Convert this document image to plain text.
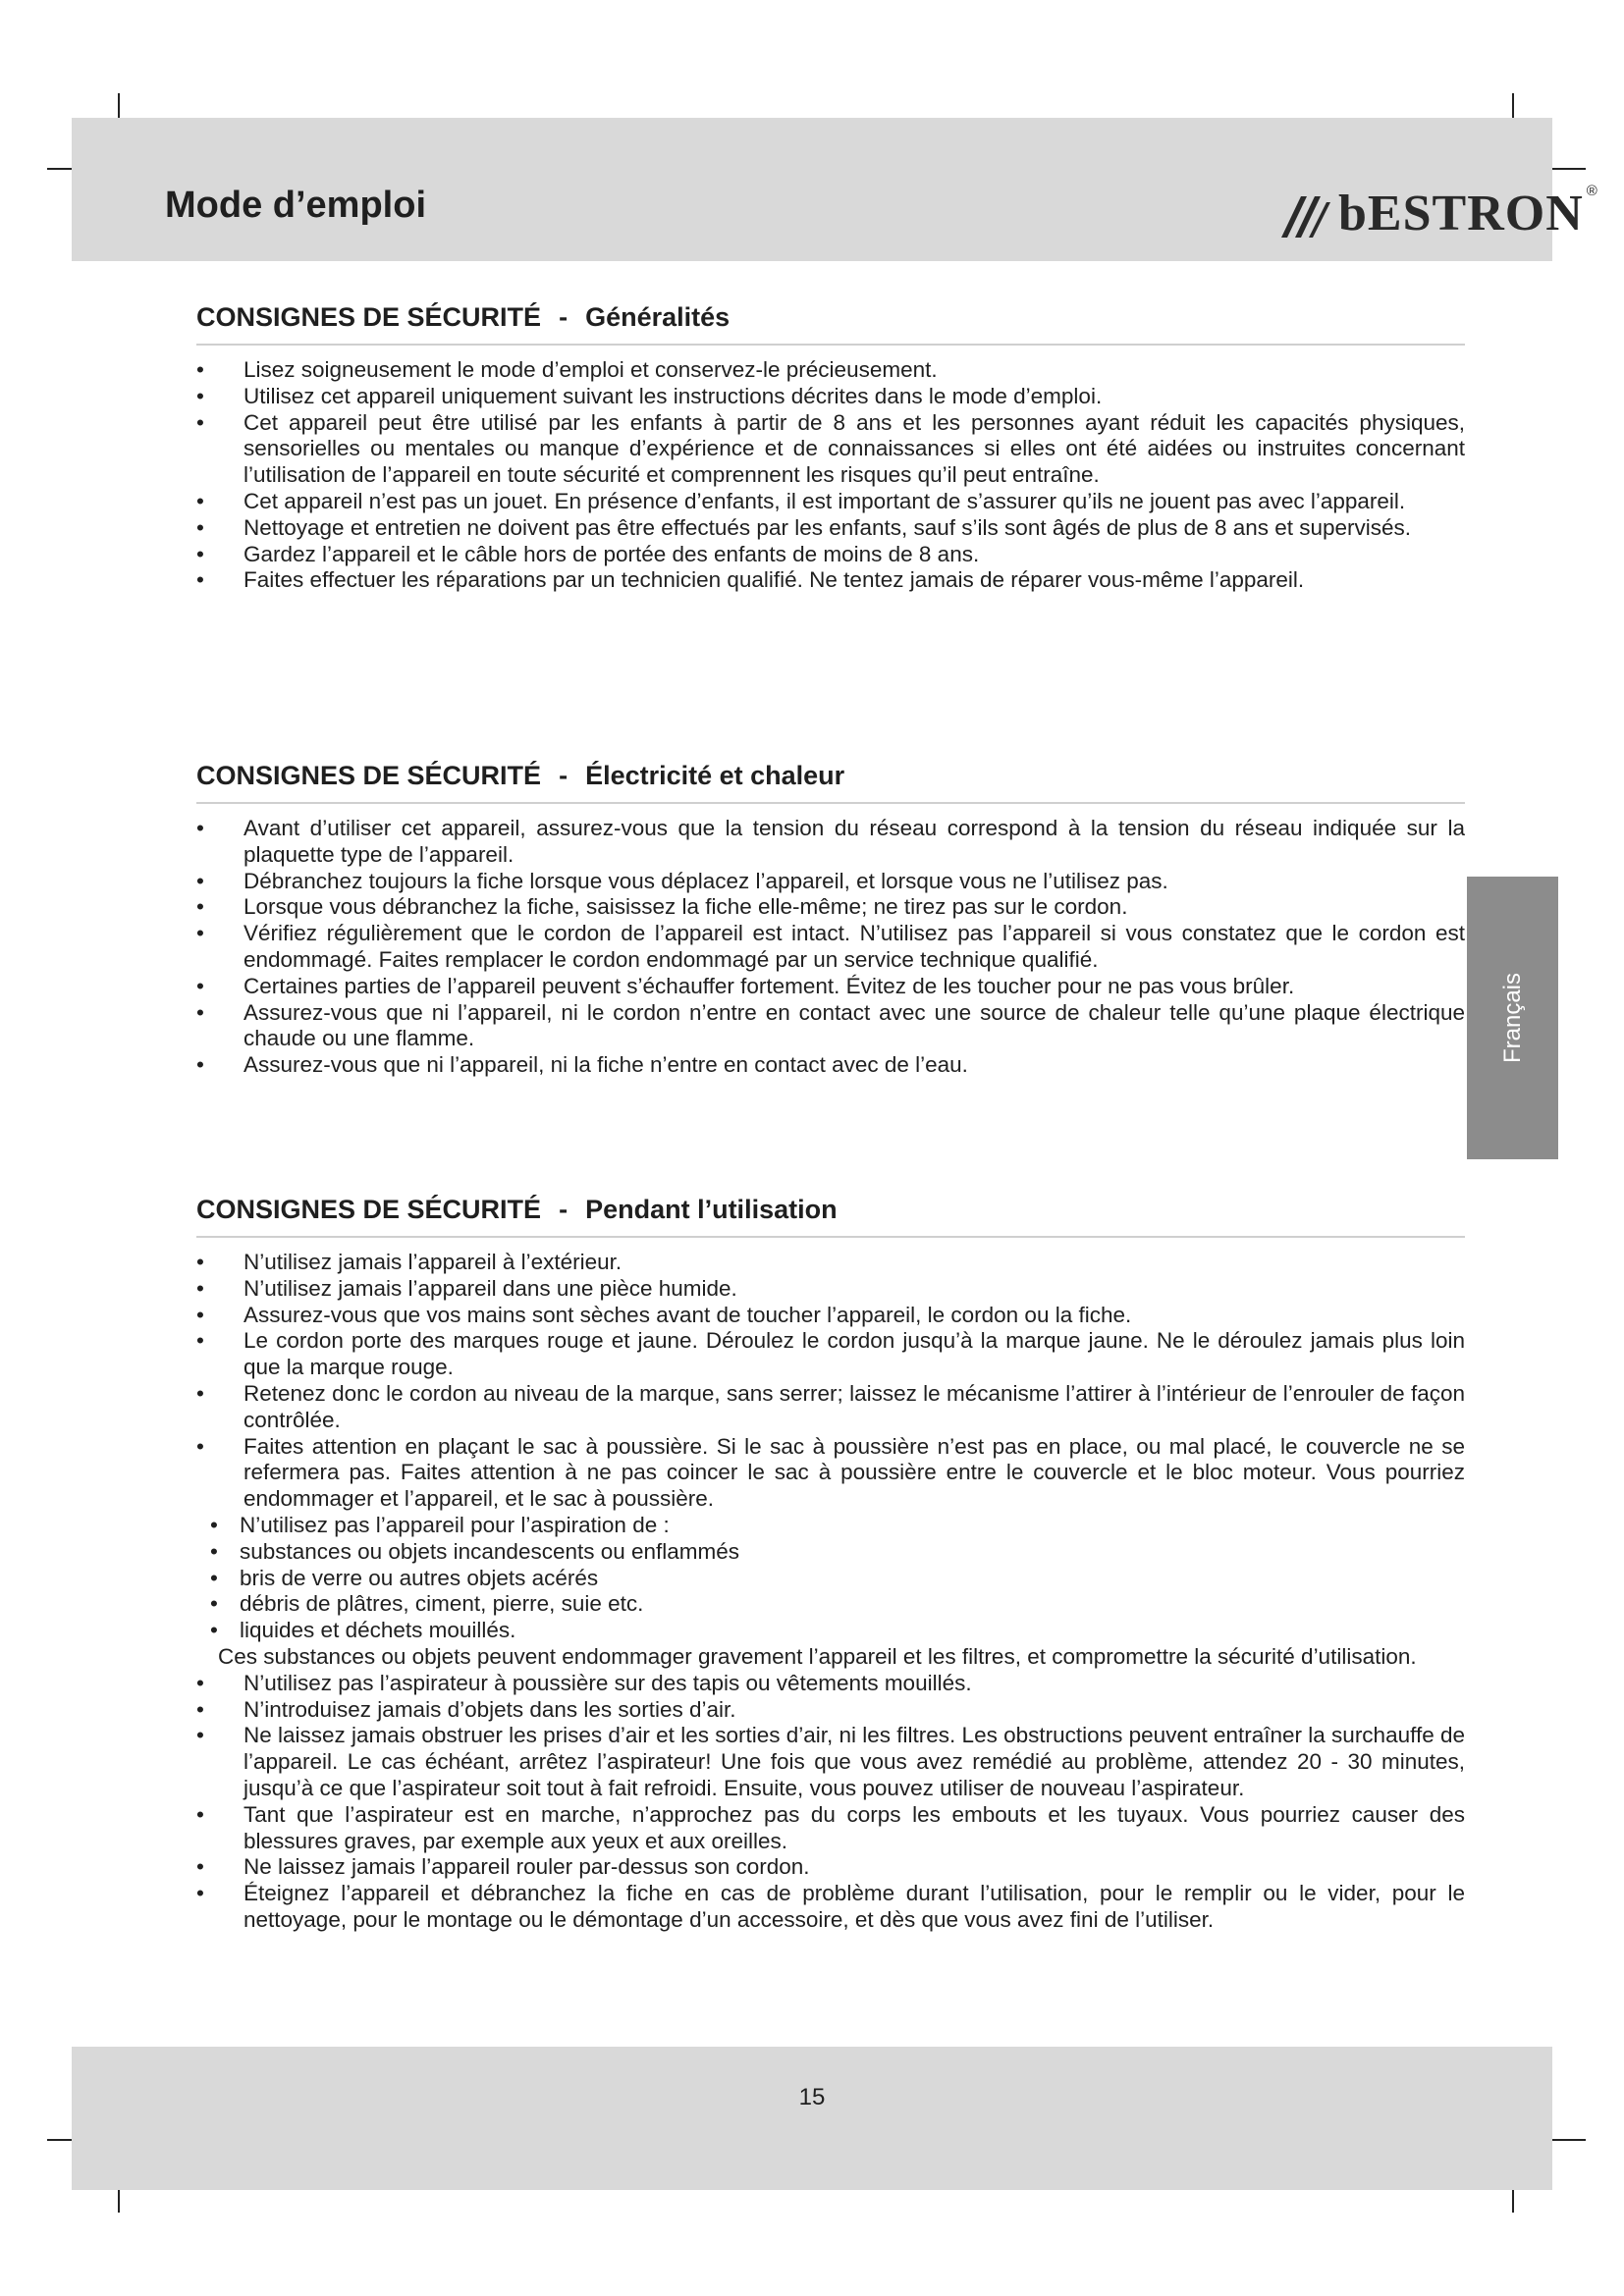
Mode d’emploi	bESTRON ®
CONSIGNES DE SÉCURITÉ - Généralités
• Lisez soigneusement le mode d’emploi et conservez-le précieusement.
• Utilisez cet appareil uniquement suivant les instructions décrites dans le mode d’emploi.
• Cet appareil peut être utilisé par les enfants à partir de 8 ans et les personnes ayant réduit les capacités physiques, sensorielles ou mentales ou manque d’expérience et de connaissances si elles ont été aidées ou instruites concernant l’utilisation de l’appareil en toute sécurité et comprennent les risques qu’il peut entraîne.
• Cet appareil n’est pas un jouet. En présence d’enfants, il est important de s’assurer qu’ils ne jouent pas avec l’appareil.
• Nettoyage et entretien ne doivent pas être effectués par les enfants, sauf s’ils sont âgés de plus de 8 ans et supervisés.
• Gardez l’appareil et le câble hors de portée des enfants de moins de 8 ans.
• Faites effectuer les réparations par un technicien qualifié. Ne tentez jamais de réparer vous-même l’appareil.
CONSIGNES DE SÉCURITÉ - Électricité et chaleur
• Avant d’utiliser cet appareil, assurez-vous que la tension du réseau correspond à la tension du réseau indiquée sur la plaquette type de l’appareil.
• Débranchez toujours la fiche lorsque vous déplacez l’appareil, et lorsque vous ne l’utilisez pas.
• Lorsque vous débranchez la fiche, saisissez la fiche elle-même; ne tirez pas sur le cordon.
• Vérifiez régulièrement que le cordon de l’appareil est intact. N’utilisez pas l’appareil si vous constatez que le cordon est endommagé. Faites remplacer le cordon endommagé par un service technique qualifié.
• Certaines parties de l’appareil peuvent s’échauffer fortement. Évitez de les toucher pour ne pas vous brûler.
• Assurez-vous que ni l’appareil, ni le cordon n’entre en contact avec une source de chaleur telle qu’une plaque électrique chaude ou une flamme.
• Assurez-vous que ni l’appareil, ni la fiche n’entre en contact avec de l’eau.
CONSIGNES DE SÉCURITÉ - Pendant l’utilisation
• N’utilisez jamais l’appareil à l’extérieur.
• N’utilisez jamais l’appareil dans une pièce humide.
• Assurez-vous que vos mains sont sèches avant de toucher l’appareil, le cordon ou la fiche.
• Le cordon porte des marques rouge et jaune. Déroulez le cordon jusqu’à la marque jaune. Ne le déroulez jamais plus loin que la marque rouge.
• Retenez donc le cordon au niveau de la marque, sans serrer; laissez le mécanisme l’attirer à l’intérieur de l’enrouler de façon contrôlée.
• Faites attention en plaçant le sac à poussière. Si le sac à poussière n’est pas en place, ou mal placé, le couvercle ne se refermera pas. Faites attention à ne pas coincer le sac à poussière entre le couvercle et le bloc moteur. Vous pourriez endommager et l’appareil, et le sac à poussière.
• N’utilisez pas l’appareil pour l’aspiration de :
• substances ou objets incandescents ou enflammés
• bris de verre ou autres objets acérés
• débris de plâtres, ciment, pierre, suie etc.
• liquides et déchets mouillés.
Ces substances ou objets peuvent endommager gravement l’appareil et les filtres, et compromettre la sécurité d’utilisation.
• N’utilisez pas l’aspirateur à poussière sur des tapis ou vêtements mouillés.
• N’introduisez jamais d’objets dans les sorties d’air.
• Ne laissez jamais obstruer les prises d’air et les sorties d’air, ni les filtres. Les obstructions peuvent entraîner la surchauffe de l’appareil. Le cas échéant, arrêtez l’aspirateur! Une fois que vous avez remédié au problème, attendez 20 - 30 minutes, jusqu’à ce que l’aspirateur soit tout à fait refroidi. Ensuite, vous pouvez utiliser de nouveau l’aspirateur.
• Tant que l’aspirateur est en marche, n’approchez pas du corps les embouts et les tuyaux. Vous pourriez causer des blessures graves, par exemple aux yeux et aux oreilles.
• Ne laissez jamais l’appareil rouler par-dessus son cordon.
• Éteignez l’appareil et débranchez la fiche en cas de problème durant l’utilisation, pour le remplir ou le vider, pour le nettoyage, pour le montage ou le démontage d’un accessoire, et dès que vous avez fini de l’utiliser.
Français
15
